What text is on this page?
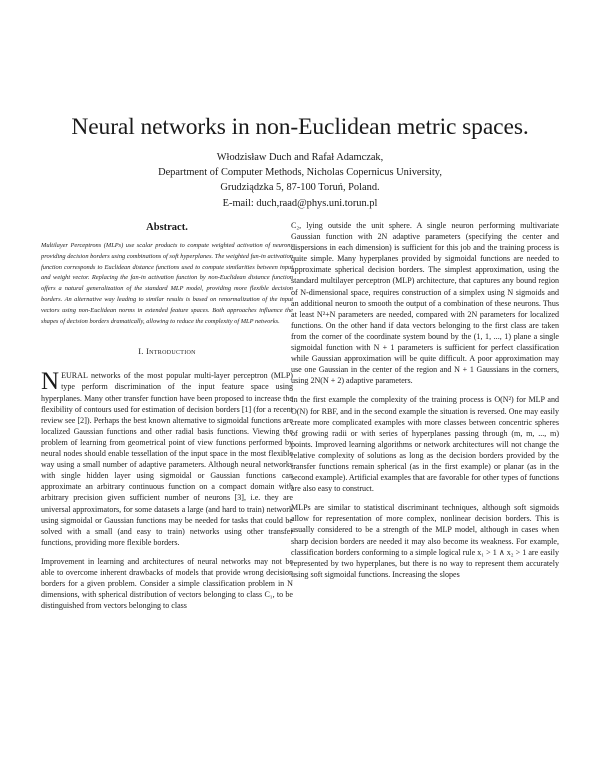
Neural networks in non-Euclidean metric spaces.
Włodzisław Duch and Rafał Adamczak,
Department of Computer Methods, Nicholas Copernicus University,
Grudziądzka 5, 87-100 Toruń, Poland.
E-mail: duch,raad@phys.uni.torun.pl
Abstract.

Multilayer Perceptrons (MLPs) use scalar products to compute weighted activation of neurons providing decision borders using combinations of soft hyperplanes. The weighted fun-in activation function corresponds to Euclidean distance functions used to compute similarities between input and weight vector. Replacing the fan-in activation function by non-Euclidean distance function offers a natural generalization of the standard MLP model, providing more flexible decision borders. An alternative way leading to similar results is based on renormalization of the input vectors using non-Euclidean norms in extended feature spaces. Both approaches influence the shapes of decision borders dramatically, allowing to reduce the complexity of MLP networks.

I. Introduction

NEURAL networks of the most popular multi-layer perceptron (MLP) type perform discrimination of the input feature space using hyperplanes. Many other transfer function have been proposed to increase the flexibility of contours used for estimation of decision borders [1] (for a recent review see [2]). Perhaps the best known alternative to sigmoidal functions are localized Gaussian functions and other radial basis functions. Viewing the problem of learning from geometrical point of view functions performed by neural nodes should enable tessellation of the input space in the most flexible way using a small number of adaptive parameters. Although neural networks with single hidden layer using sigmoidal or Gaussian functions can approximate an arbitrary continuous function on a compact domain with arbitrary precision given sufficient number of neurons [3], i.e. they are universal approximators, for some datasets a large (and hard to train) network using sigmoidal or Gaussian functions may be needed for tasks that could be solved with a small (and easy to train) networks using other transfer functions, providing more flexible borders.

Improvement in learning and architectures of neural networks may not be able to overcome inherent drawbacks of models that provide wrong decision borders for a given problem. Consider a simple classification problem in N dimensions, with spherical distribution of vectors belonging to class C₁, to be distinguished from vectors belonging to class

C₂, lying outside the unit sphere. A single neuron performing multivariate Gaussian function with 2N adaptive parameters (specifying the center and dispersions in each dimension) is sufficient for this job and the training process is quite simple. Many hyperplanes provided by sigmoidal functions are needed to approximate spherical decision borders. The simplest approximation, using the standard multilayer perceptron (MLP) architecture, that captures any bound region of N-dimensional space, requires construction of a simplex using N sigmoids and an additional neuron to smooth the output of a combination of these neurons. Thus at least N²+N parameters are needed, compared with 2N parameters for localized functions. On the other hand if data vectors belonging to the first class are taken from the corner of the coordinate system bound by the (1, 1, ..., 1) plane a single sigmoidal function with N + 1 parameters is sufficient for perfect classification while Gaussian approximation will be quite difficult. A poor approximation may use one Gaussian in the center of the region and N + 1 Gaussians in the corners, using 2N(N + 2) adaptive parameters.

In the first example the complexity of the training process is O(N²) for MLP and O(N) for RBF, and in the second example the situation is reversed. One may easily create more complicated examples with more classes between concentric spheres of growing radii or with series of hyperplanes passing through (m, m, ..., m) points. Improved learning algorithms or network architectures will not change the relative complexity of solutions as long as the decision borders provided by the transfer functions remain spherical (as in the first example) or planar (as in the second example). Artificial examples that are favorable for other types of functions are also easy to construct.

MLPs are similar to statistical discriminant techniques, although soft sigmoids allow for representation of more complex, nonlinear decision borders. This is usually considered to be a strength of the MLP model, although in cases when sharp decision borders are needed it may also become its weakness. For example, classification borders conforming to a simple logical rule x₁ > 1 ∧ x₂ > 1 are easily represented by two hyperplanes, but there is no way to represent them accurately using soft sigmoidal functions. Increasing the slopes
